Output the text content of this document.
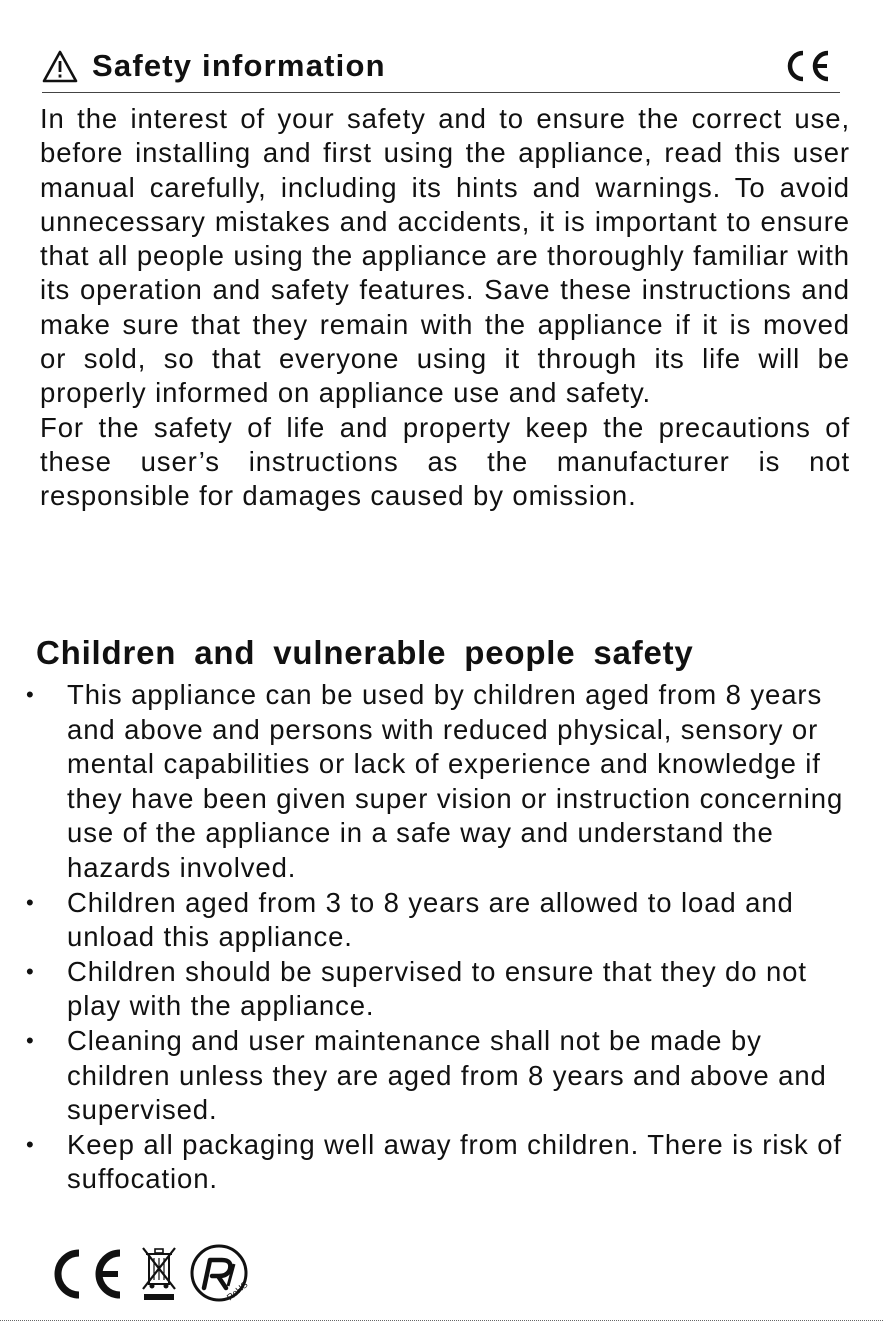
Safety information

In the interest of your safety and to ensure the correct use, before installing and first using the appliance, read this user manual carefully, including its hints and warnings. To avoid unnecessary mistakes and accidents, it is important to ensure that all people using the appliance are thoroughly familiar with its operation and safety features. Save these instructions and make sure that they remain with the appliance if it is moved or sold, so that everyone using it through its life will be properly informed on appliance use and safety.

For the safety of life and property keep the precautions of these user’s instructions as the manufacturer is not responsible for damages caused by omission.

Children and vulnerable people safety
• This appliance can be used by children aged from 8 years and above and persons with reduced physical, sensory or mental capabilities or lack of experience and knowledge if they have been given super vision or instruction concerning use of the appliance in a safe way and understand the hazards involved.
• Children aged from 3 to 8 years are allowed to load and unload this appliance.
• Children should be supervised to ensure that they do not play with the appliance.
• Cleaning and user maintenance shall not be made by children unless they are aged from 8 years and above and supervised.
• Keep all packaging well away from children. There is risk of suffocation.
RoHS
